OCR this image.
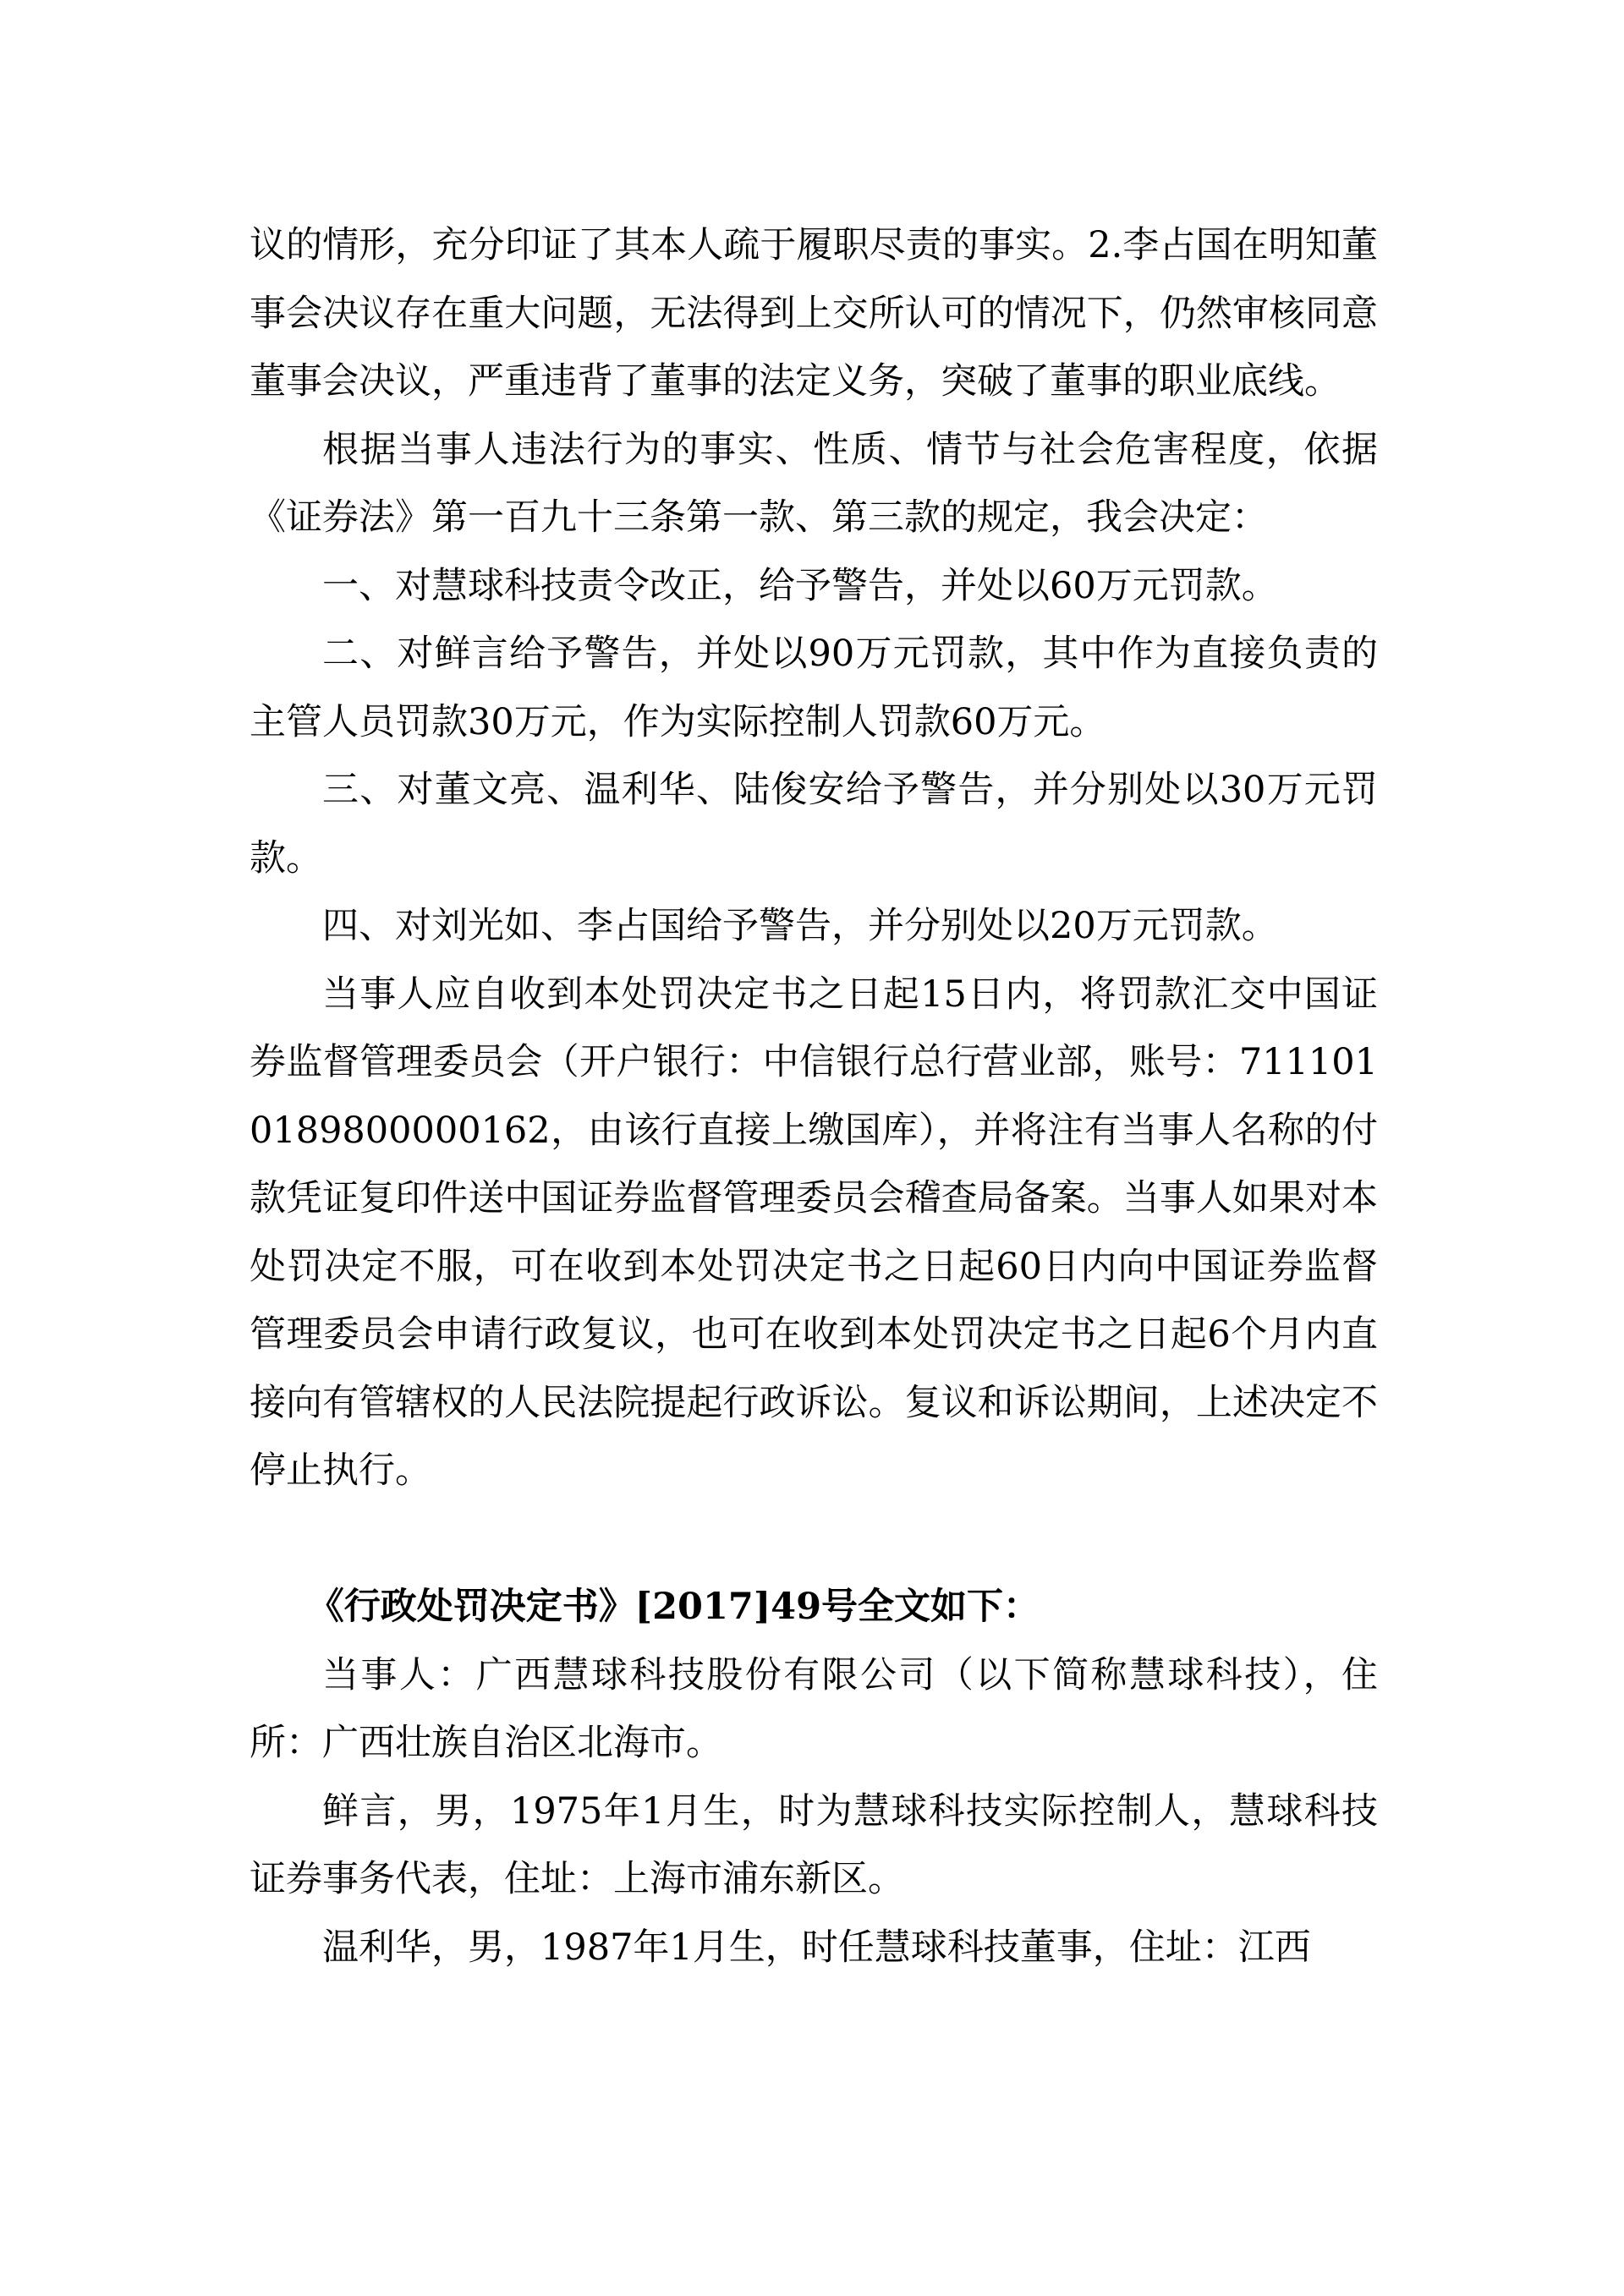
议的情形，充分印证了其本人疏于履职尽责的事实。2.李占国在明知董事会决议存在重大问题，无法得到上交所认可的情况下，仍然审核同意董事会决议，严重违背了董事的法定义务，突破了董事的职业底线。

根据当事人违法行为的事实、性质、情节与社会危害程度，依据《证券法》第一百九十三条第一款、第三款的规定，我会决定：

一、对慧球科技责令改正，给予警告，并处以60万元罚款。

二、对鲜言给予警告，并处以90万元罚款，其中作为直接负责的主管人员罚款30万元，作为实际控制人罚款60万元。

三、对董文亮、温利华、陆俊安给予警告，并分别处以30万元罚款。

四、对刘光如、李占国给予警告，并分别处以20万元罚款。

当事人应自收到本处罚决定书之日起15日内，将罚款汇交中国证券监督管理委员会（开户银行：中信银行总行营业部，账号：7111010189800000162，由该行直接上缴国库），并将注有当事人名称的付款凭证复印件送中国证券监督管理委员会稽查局备案。当事人如果对本处罚决定不服，可在收到本处罚决定书之日起60日内向中国证券监督管理委员会申请行政复议，也可在收到本处罚决定书之日起6个月内直接向有管辖权的人民法院提起行政诉讼。复议和诉讼期间，上述决定不停止执行。

《行政处罚决定书》[2017]49号全文如下：

当事人：广西慧球科技股份有限公司（以下简称慧球科技），住所：广西壮族自治区北海市。

鲜言，男，1975年1月生，时为慧球科技实际控制人，慧球科技证券事务代表，住址：上海市浦东新区。

温利华，男，1987年1月生，时任慧球科技董事，住址：江西
